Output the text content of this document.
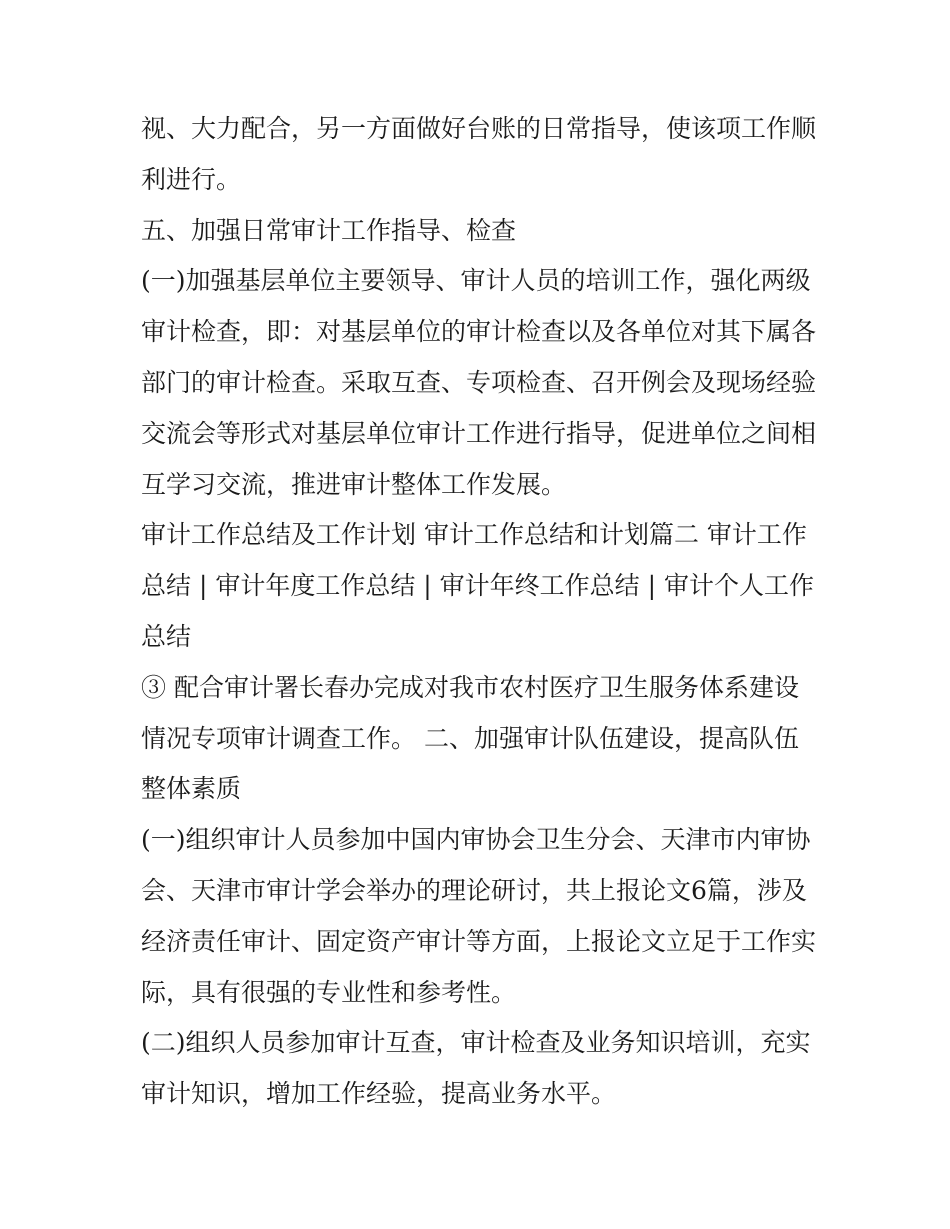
视、大力配合，另一方面做好台账的日常指导，使该项工作顺利进行。

五、加强日常审计工作指导、检查

(一)加强基层单位主要领导、审计人员的培训工作，强化两级审计检查，即：对基层单位的审计检查以及各单位对其下属各部门的审计检查。采取互查、专项检查、召开例会及现场经验交流会等形式对基层单位审计工作进行指导，促进单位之间相互学习交流，推进审计整体工作发展。

审计工作总结及工作计划 审计工作总结和计划篇二 审计工作总结 | 审计年度工作总结 | 审计年终工作总结 | 审计个人工作总结

③ 配合审计署长春办完成对我市农村医疗卫生服务体系建设情况专项审计调查工作。 二、加强审计队伍建设，提高队伍整体素质

(一)组织审计人员参加中国内审协会卫生分会、天津市内审协会、天津市审计学会举办的理论研讨，共上报论文6篇，涉及经济责任审计、固定资产审计等方面，上报论文立足于工作实际，具有很强的专业性和参考性。

(二)组织人员参加审计互查，审计检查及业务知识培训，充实审计知识，增加工作经验，提高业务水平。
